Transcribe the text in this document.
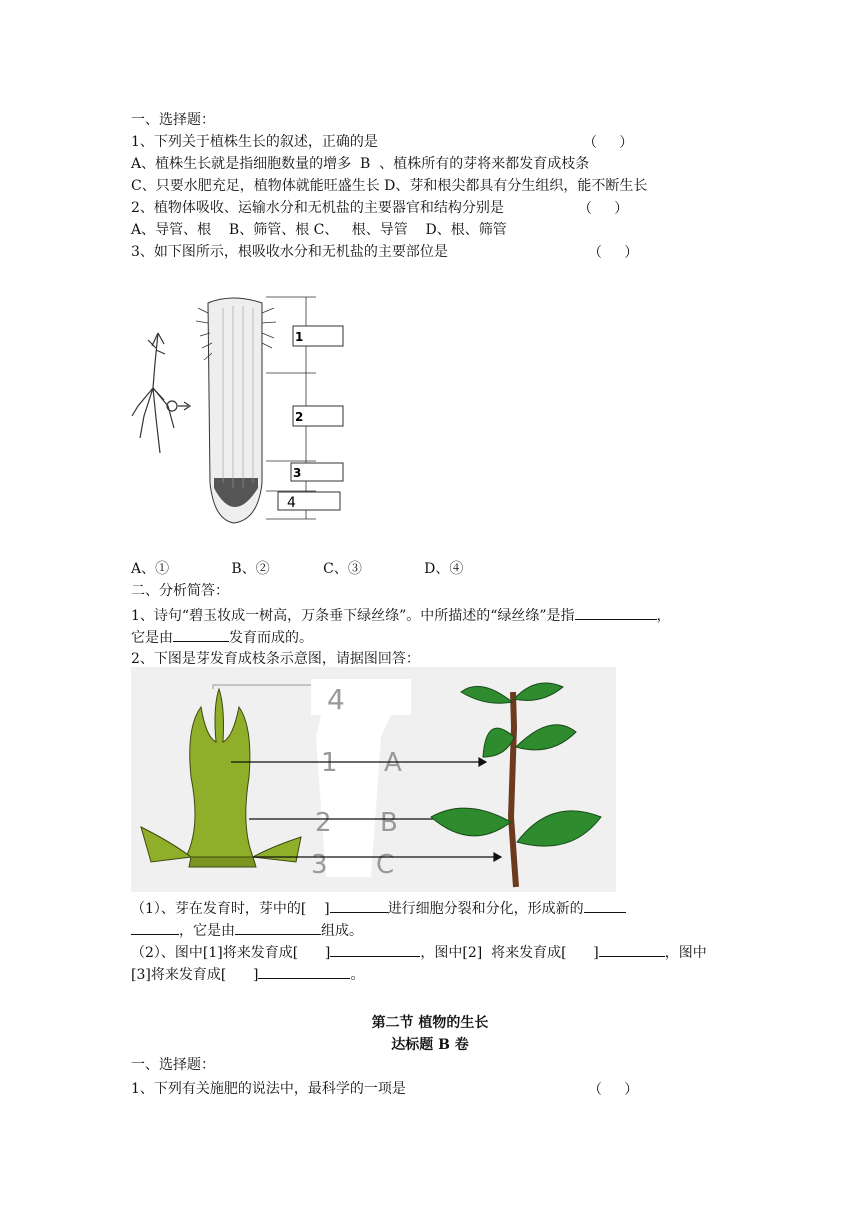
一、选择题：
1、下列关于植株生长的叙述，正确的是	（     ）
A、植株生长就是指细胞数量的增多  B  、植株所有的芽将来都发育成枝条
C、只要水肥充足，植物体就能旺盛生长 D、芽和根尖都具有分生组织，能不断生长
2、植物体吸收、运输水分和无机盐的主要器官和结构分别是	（     ）
A、导管、根    B、筛管、根 C、   根、导管    D、根、筛管
3、如下图所示，根吸收水分和无机盐的主要部位是	（     ）
1
2
3
4
A、①              B、②            C、③              D、④
二、分析简答：
1、诗句“碧玉妆成一树高，万条垂下绿丝绦”。中所描述的“绿丝绦”是指	，
它是由	发育而成的。
2、下图是芽发育成枝条示意图，请据图回答：
4
1 A
2 B
3 C
（1）、芽在发育时，芽中的[    ]	进行细胞分裂和分化，形成新的
，它是由	组成。
（2）、图中[1]将来发育成[      ]	，图中[2]  将来发育成[      ]	，图中
[3]将来发育成[      ]	。
第二节 植物的生长
达标题 B 卷
一、选择题：
1、下列有关施肥的说法中，最科学的一项是	（     ）
